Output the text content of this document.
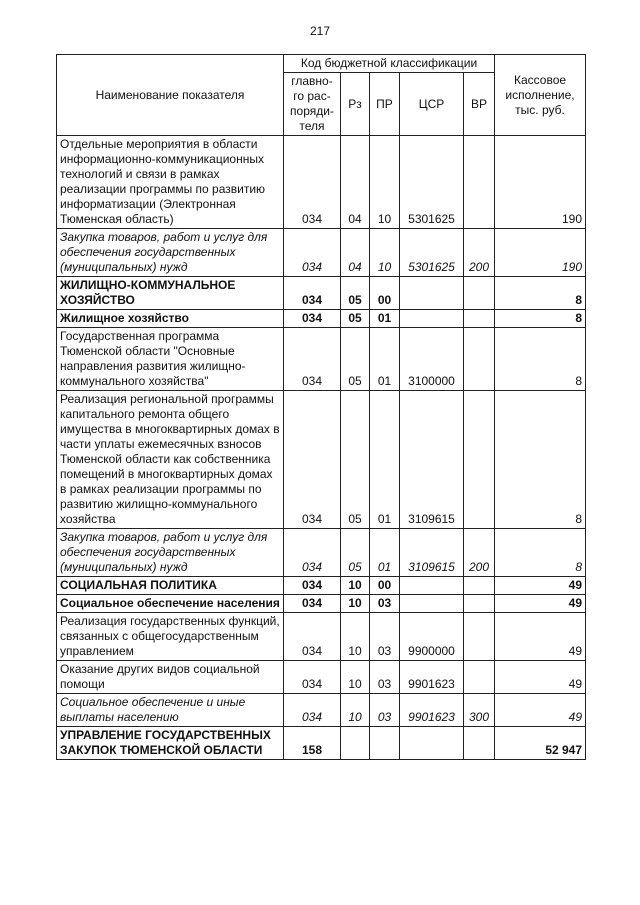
217
Наименование показателя	Код бюджетной классификации					Кассовое
исполнение,
тыс. руб.
	главно-
го рас-
поряди-
теля	Рз	ПР	ЦСР	ВР	
Отдельные мероприятия в области информационно-коммуникационных технологий и связи в рамках реализации программы по развитию информатизации (Электронная Тюменская область)	034	04	10	5301625		190
Закупка товаров, работ и услуг для обеспечения государственных (муниципальных) нужд	034	04	10	5301625	200	190
ЖИЛИЩНО-КОММУНАЛЬНОЕ ХОЗЯЙСТВО	034	05	00			8
Жилищное хозяйство	034	05	01			8
Государственная программа Тюменской области "Основные направления развития жилищно-коммунального хозяйства"	034	05	01	3100000		8
Реализация региональной программы капитального ремонта общего имущества в многоквартирных домах в части уплаты ежемесячных взносов Тюменской области как собственника помещений в многоквартирных домах в рамках реализации программы по развитию жилищно-коммунального хозяйства	034	05	01	3109615		8
Закупка товаров, работ и услуг для обеспечения государственных (муниципальных) нужд	034	05	01	3109615	200	8
СОЦИАЛЬНАЯ ПОЛИТИКА	034	10	00			49
Социальное обеспечение населения	034	10	03			49
Реализация государственных функций, связанных с общегосударственным управлением	034	10	03	9900000		49
Оказание других видов социальной помощи	034	10	03	9901623		49
Социальное обеспечение и иные выплаты населению	034	10	03	9901623	300	49
УПРАВЛЕНИЕ ГОСУДАРСТВЕННЫХ ЗАКУПОК ТЮМЕНСКОЙ ОБЛАСТИ	158					52 947
